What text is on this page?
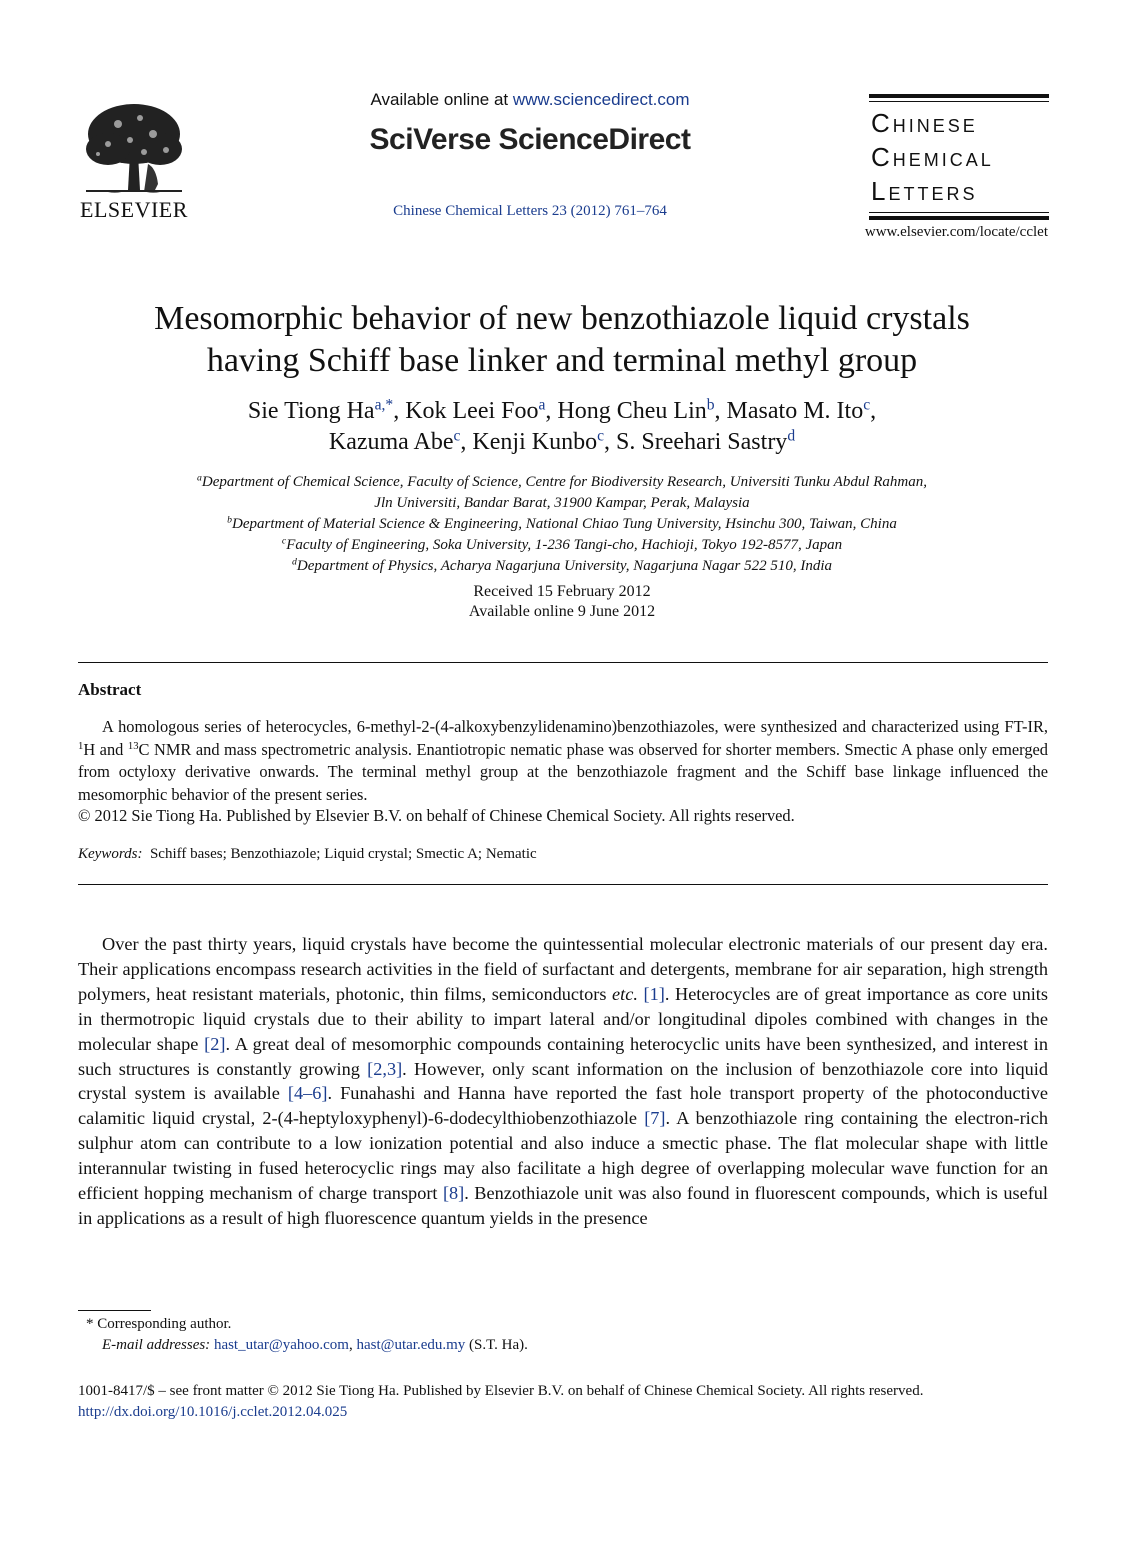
ELSEVIER
Available online at www.sciencedirect.com
SciVerse ScienceDirect
Chinese Chemical Letters 23 (2012) 761–764
Chinese
Chemical
Letters
www.elsevier.com/locate/cclet
Mesomorphic behavior of new benzothiazole liquid crystals
having Schiff base linker and terminal methyl group
Sie Tiong $Ha^{a,*}$, Kok Leei Foo$^a$, Hong Cheu Lin$^b$, Masato M. Ito$^c$,
Kazuma Abe$^c$, Kenji Kunbo$^c$, S. Sreehari Sastry$^d$
$^a$Department of Chemical Science, Faculty of Science, Centre for Biodiversity Research, Universiti Tunku Abdul Rahman,
Jln Universiti, Bandar Barat, 31900 Kampar, Perak, Malaysia
$^b$Department of Material Science & Engineering, National Chiao Tung University, Hsinchu 300, Taiwan, China
$^c$Faculty of Engineering, Soka University, 1-236 Tangi-cho, Hachioji, Tokyo 192-8577, Japan
$^d$Department of Physics, Acharya Nagarjuna University, Nagarjuna Nagar 522 510, India
Received 15 February 2012
Available online 9 June 2012
Abstract

A homologous series of heterocycles, 6-methyl-2-(4-alkoxybenzylidenamino)benzothiazoles, were synthesized and characterized using FT-IR, $^1$H and $^{13}$C NMR and mass spectrometric analysis. Enantiotropic nematic phase was observed for shorter members. Smectic A phase only emerged from octyloxy derivative onwards. The terminal methyl group at the benzothiazole fragment and the Schiff base linkage influenced the mesomorphic behavior of the present series.

© 2012 Sie Tiong Ha. Published by Elsevier B.V. on behalf of Chinese Chemical Society. All rights reserved.
Keywords: Schiff bases; Benzothiazole; Liquid crystal; Smectic A; Nematic

Over the past thirty years, liquid crystals have become the quintessential molecular electronic materials of our present day era. Their applications encompass research activities in the field of surfactant and detergents, membrane for air separation, high strength polymers, heat resistant materials, photonic, thin films, semiconductors etc. [1]. Heterocycles are of great importance as core units in thermotropic liquid crystals due to their ability to impart lateral and/or longitudinal dipoles combined with changes in the molecular shape [2]. A great deal of mesomorphic compounds containing heterocyclic units have been synthesized, and interest in such structures is constantly growing [2,3]. However, only scant information on the inclusion of benzothiazole core into liquid crystal system is available [4–6]. Funahashi and Hanna have reported the fast hole transport property of the photoconductive calamitic liquid crystal, 2-(4-heptyloxyphenyl)-6-dodecylthiobenzothiazole [7]. A benzothiazole ring containing the electron-rich sulphur atom can contribute to a low ionization potential and also induce a smectic phase. The flat molecular shape with little interannular twisting in fused heterocyclic rings may also facilitate a high degree of overlapping molecular wave function for an efficient hopping mechanism of charge transport [8]. Benzothiazole unit was also found in fluorescent compounds, which is useful in applications as a result of high fluorescence quantum yields in the presence

* Corresponding author.
E-mail addresses: hast_utar@yahoo.com, hast@utar.edu.my (S.T. Ha).
1001-8417/$ – see front matter © 2012 Sie Tiong Ha. Published by Elsevier B.V. on behalf of Chinese Chemical Society. All rights reserved.
http://dx.doi.org/10.1016/j.cclet.2012.04.025
